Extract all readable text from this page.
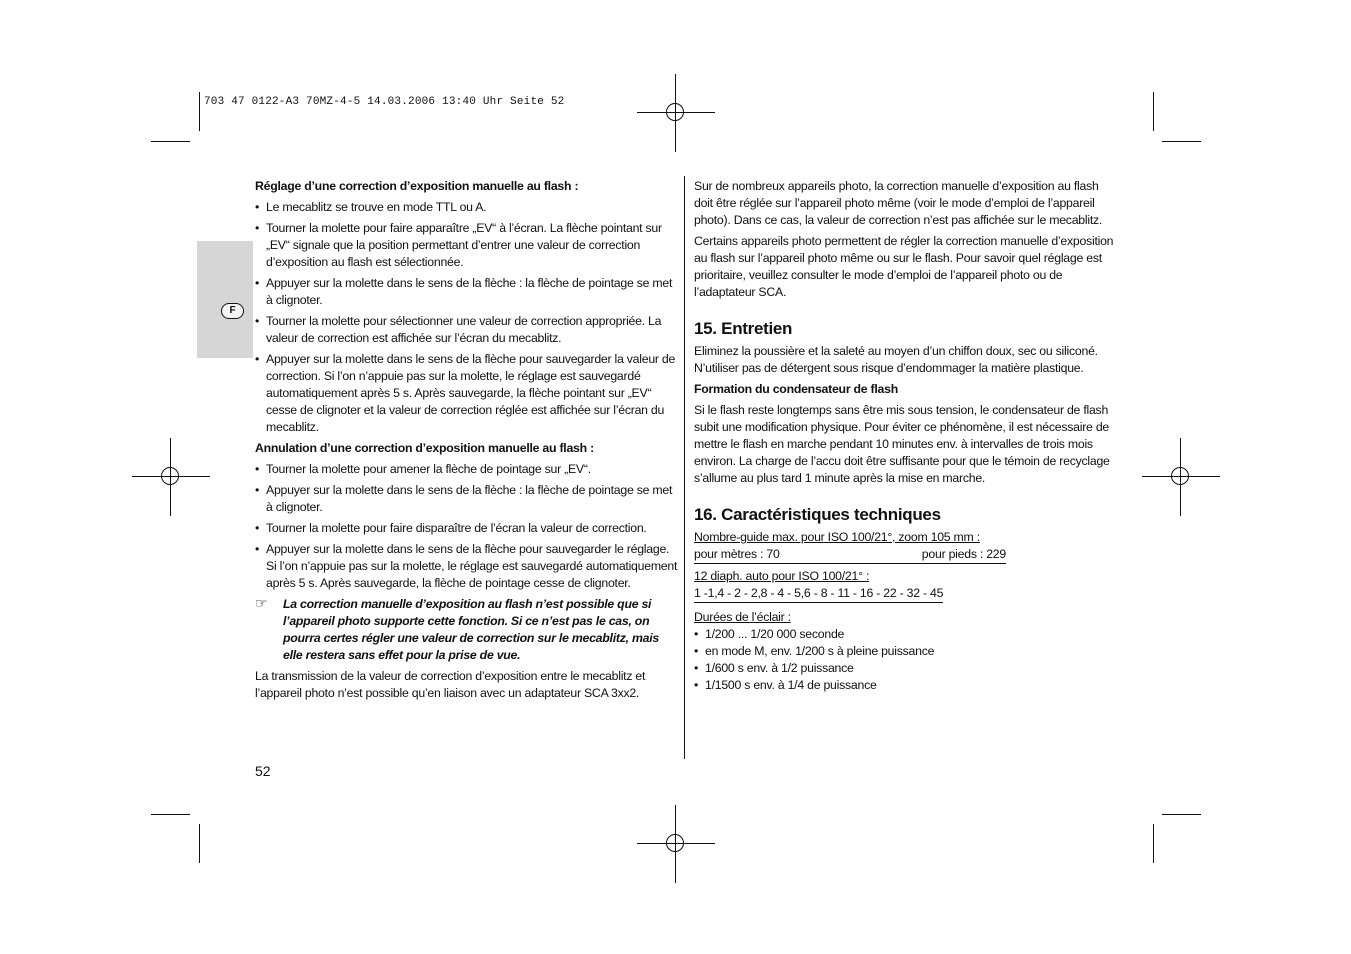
703 47 0122-A3 70MZ-4-5 14.03.2006 13:40 Uhr Seite 52
F

Réglage d’une correction d’exposition manuelle au flash :

• Le mecablitz se trouve en mode TTL ou A.

• Tourner la molette pour faire apparaître „EV“ à l’écran. La flèche pointant sur „EV“ signale que la position permettant d’entrer une valeur de correction d’exposition au flash est sélectionnée.

• Appuyer sur la molette dans le sens de la flèche : la flèche de pointage se met à clignoter.

• Tourner la molette pour sélectionner une valeur de correction appropriée. La valeur de correction est affichée sur l’écran du mecablitz.

• Appuyer sur la molette dans le sens de la flèche pour sauvegarder la valeur de correction. Si l’on n’appuie pas sur la molette, le réglage est sauvegardé automatiquement après 5 s. Après sauvegarde, la flèche pointant sur „EV“ cesse de clignoter et la valeur de correction réglée est affichée sur l’écran du mecablitz.

Annulation d’une correction d’exposition manuelle au flash :

• Tourner la molette pour amener la flèche de pointage sur „EV“.

• Appuyer sur la molette dans le sens de la flèche : la flèche de pointage se met à clignoter.

• Tourner la molette pour faire disparaître de l’écran la valeur de correction.

• Appuyer sur la molette dans le sens de la flèche pour sauvegarder le réglage. Si l’on n’appuie pas sur la molette, le réglage est sauvegardé automatiquement après 5 s. Après sauvegarde, la flèche de pointage cesse de clignoter.

☞ La correction manuelle d’exposition au flash n’est possible que si l’appareil photo supporte cette fonction. Si ce n’est pas le cas, on pourra certes régler une valeur de correction sur le mecablitz, mais elle restera sans effet pour la prise de vue.

La transmission de la valeur de correction d’exposition entre le mecablitz et l’appareil photo n’est possible qu’en liaison avec un adaptateur SCA 3xx2.

Sur de nombreux appareils photo, la correction manuelle d’exposition au flash doit être réglée sur l’appareil photo même (voir le mode d’emploi de l’appareil photo). Dans ce cas, la valeur de correction n’est pas affichée sur le mecablitz.

Certains appareils photo permettent de régler la correction manuelle d’exposition au flash sur l’appareil photo même ou sur le flash. Pour savoir quel réglage est prioritaire, veuillez consulter le mode d’emploi de l’appareil photo ou de l’adaptateur SCA.

15. Entretien

Eliminez la poussière et la saleté au moyen d’un chiffon doux, sec ou siliconé. N’utiliser pas de détergent sous risque d’endommager la matière plastique.

Formation du condensateur de flash

Si le flash reste longtemps sans être mis sous tension, le condensateur de flash subit une modification physique. Pour éviter ce phénomène, il est nécessaire de mettre le flash en marche pendant 10 minutes env. à intervalles de trois mois environ. La charge de l’accu doit être suffisante pour que le témoin de recyclage s’allume au plus tard 1 minute après la mise en marche.

16. Caractéristiques techniques

Nombre-guide max. pour ISO 100/21°, zoom 105 mm :

pour mètres : 70	pour pieds : 229

12 diaph. auto pour ISO 100/21° :

1 -1,4 - 2 - 2,8 - 4 - 5,6 - 8 - 11 - 16 - 22 - 32 - 45

Durées de l’éclair :

• 1/200 ... 1/20 000 seconde

• en mode M, env. 1/200 s à pleine puissance

• 1/600 s env. à 1/2 puissance

• 1/1500 s env. à 1/4 de puissance

52
